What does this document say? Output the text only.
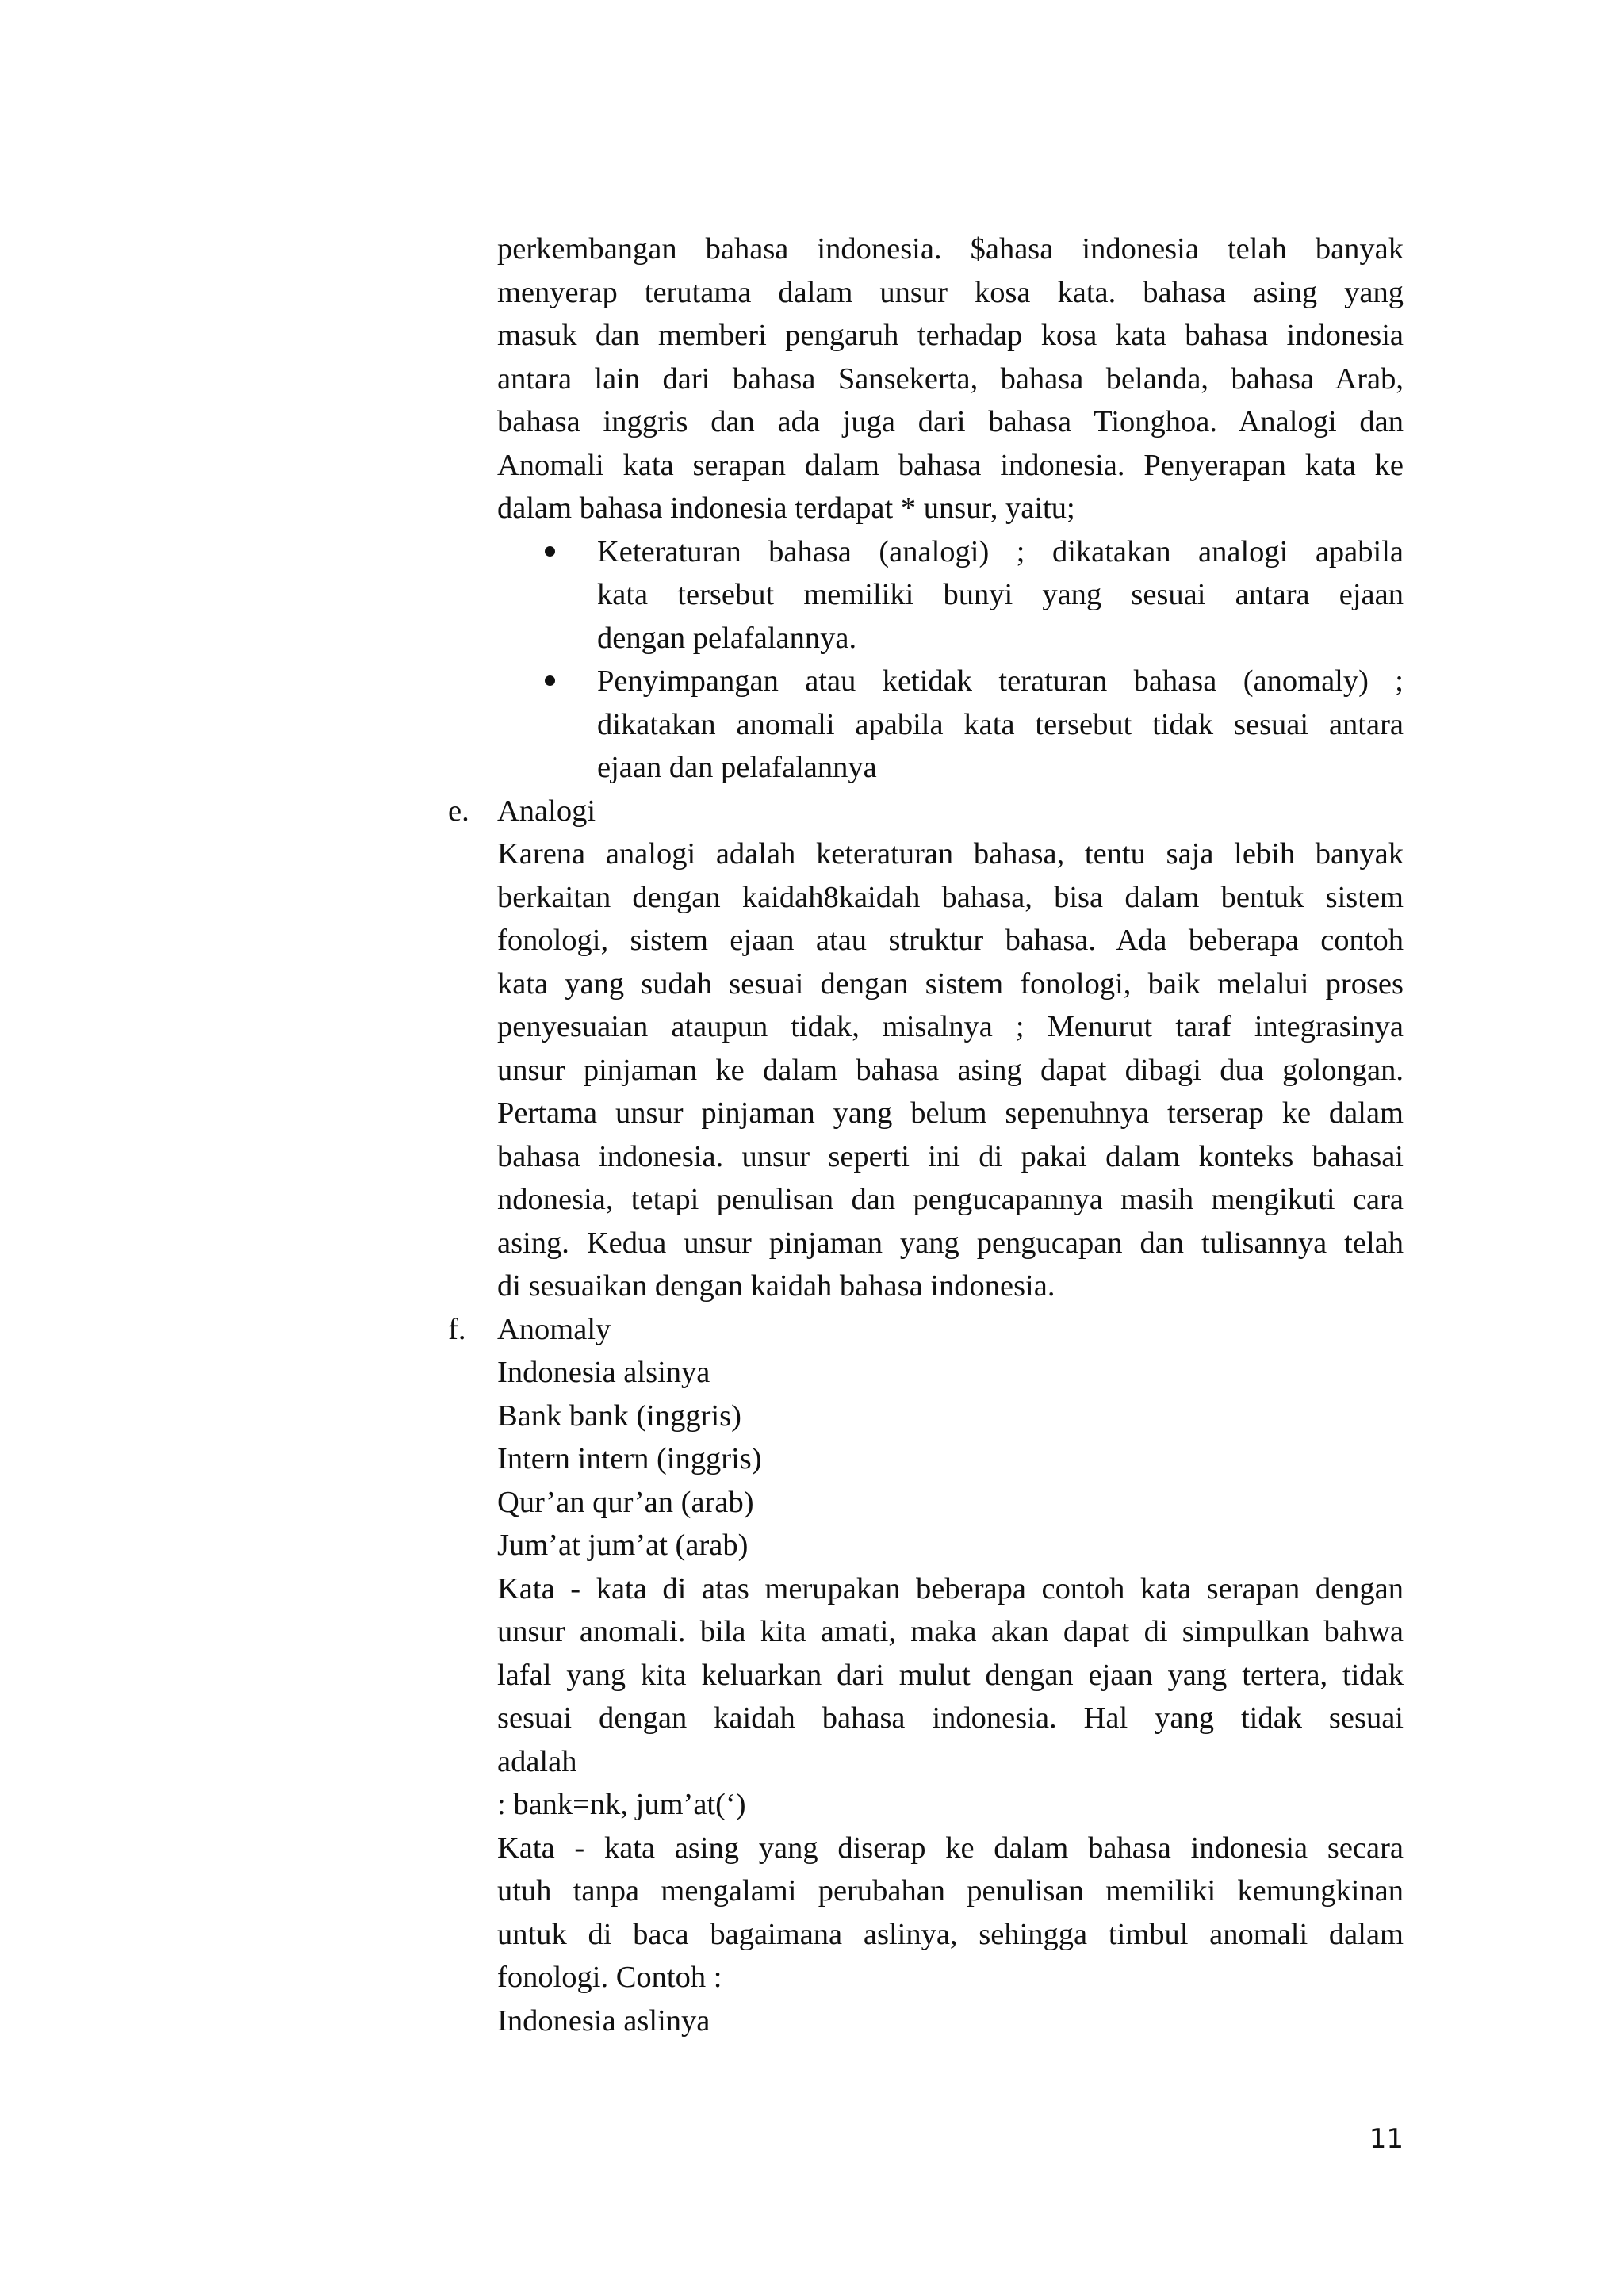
perkembangan bahasa indonesia. $ahasa indonesia telah banyak
menyerap terutama dalam unsur kosa kata. bahasa asing yang
masuk dan memberi pengaruh terhadap kosa kata bahasa indonesia
antara lain dari bahasa Sansekerta, bahasa belanda, bahasa Arab,
bahasa inggris dan ada juga dari bahasa Tionghoa. Analogi dan
Anomali kata serapan dalam bahasa indonesia. Penyerapan kata ke
dalam bahasa indonesia terdapat * unsur, yaitu;
Keteraturan bahasa (analogi) ; dikatakan analogi apabila
kata tersebut memiliki bunyi yang sesuai antara ejaan
dengan pelafalannya.
Penyimpangan atau ketidak teraturan bahasa (anomaly) ;
dikatakan anomali apabila kata tersebut tidak sesuai antara
ejaan dan pelafalannya
e. Analogi
Karena analogi adalah keteraturan bahasa, tentu saja lebih banyak
berkaitan dengan kaidah8kaidah bahasa, bisa dalam bentuk sistem
fonologi, sistem ejaan atau struktur bahasa. Ada beberapa contoh
kata yang sudah sesuai dengan sistem fonologi, baik melalui proses
penyesuaian ataupun tidak, misalnya ; Menurut taraf integrasinya
unsur pinjaman ke dalam bahasa asing dapat dibagi dua golongan.
Pertama unsur pinjaman yang belum sepenuhnya terserap ke dalam
bahasa indonesia. unsur seperti ini di pakai dalam konteks bahasai
ndonesia, tetapi penulisan dan pengucapannya masih mengikuti cara
asing. Kedua unsur pinjaman yang pengucapan dan tulisannya telah
di sesuaikan dengan kaidah bahasa indonesia.
f. Anomaly
Indonesia alsinya
Bank bank (inggris)
Intern intern (inggris)
Qur’an qur’an (arab)
Jum’at jum’at (arab)
Kata - kata di atas merupakan beberapa contoh kata serapan dengan
unsur anomali. bila kita amati, maka akan dapat di simpulkan bahwa
lafal yang kita keluarkan dari mulut dengan ejaan yang tertera, tidak
sesuai dengan kaidah bahasa indonesia. Hal yang tidak sesuai
adalah
: bank=nk, jum’at(‘)
Kata - kata asing yang diserap ke dalam bahasa indonesia secara
utuh tanpa mengalami perubahan penulisan memiliki kemungkinan
untuk di baca bagaimana aslinya, sehingga timbul anomali dalam
fonologi. Contoh :
Indonesia aslinya
11
